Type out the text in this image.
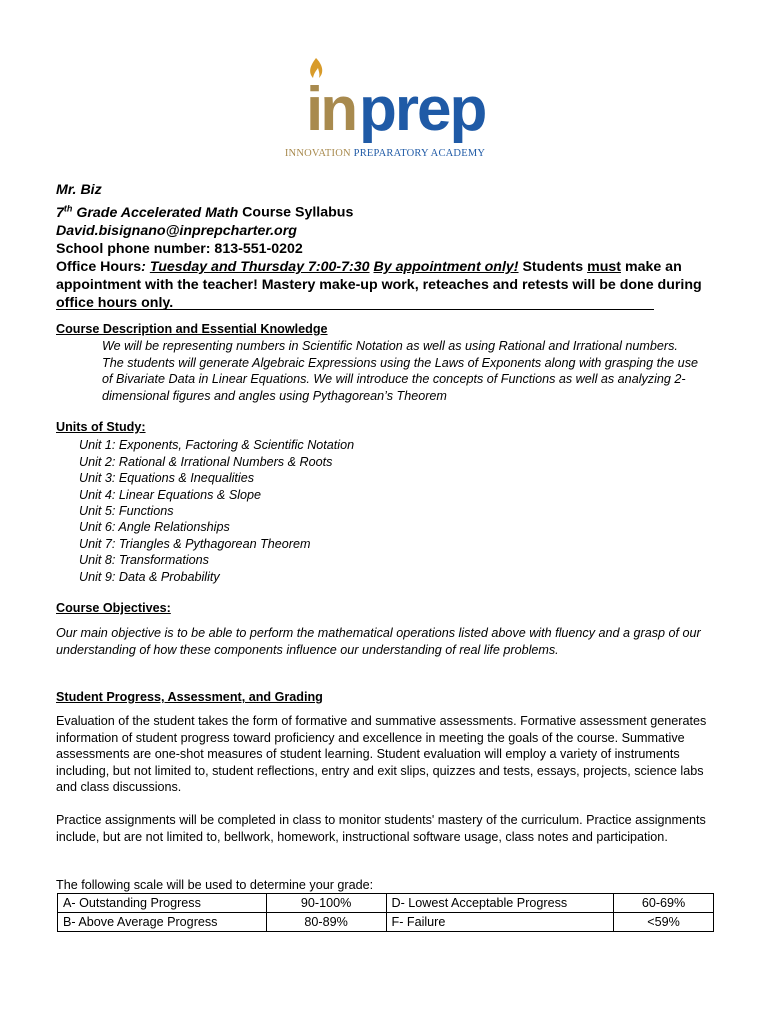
in prep
INNOVATION PREPARATORY ACADEMY
Mr. Biz
7th Grade Accelerated Math Course Syllabus
David.bisignano@inprepcharter.org
School phone number: 813-551-0202
Office Hours: Tuesday and Thursday 7:00-7:30 By appointment only! Students must make an appointment with the teacher! Mastery make-up work, reteaches and retests will be done during office hours only.
Course Description and Essential Knowledge
We will be representing numbers in Scientific Notation as well as using Rational and Irrational numbers. The students will generate Algebraic Expressions using the Laws of Exponents along with grasping the use of Bivariate Data in Linear Equations. We will introduce the concepts of Functions as well as analyzing 2-dimensional figures and angles using Pythagorean’s Theorem
Units of Study:
Unit 1: Exponents, Factoring & Scientific Notation
Unit 2: Rational & Irrational Numbers & Roots
Unit 3: Equations & Inequalities
Unit 4: Linear Equations & Slope
Unit 5: Functions
Unit 6: Angle Relationships
Unit 7: Triangles & Pythagorean Theorem
Unit 8: Transformations
Unit 9: Data & Probability
Course Objectives:
Our main objective is to be able to perform the mathematical operations listed above with fluency and a grasp of our understanding of how these components influence our understanding of real life problems.
Student Progress, Assessment, and Grading
Evaluation of the student takes the form of formative and summative assessments. Formative assessment generates information of student progress toward proficiency and excellence in meeting the goals of the course. Summative assessments are one-shot measures of student learning. Student evaluation will employ a variety of instruments including, but not limited to, student reflections, entry and exit slips, quizzes and tests, essays, projects, science labs and class discussions.
Practice assignments will be completed in class to monitor students' mastery of the curriculum. Practice assignments include, but are not limited to, bellwork, homework, instructional software usage, class notes and participation.
The following scale will be used to determine your grade:
A- Outstanding Progress	90-100%	D- Lowest Acceptable Progress	60-69%
B- Above Average Progress	80-89%	F- Failure	<59%
